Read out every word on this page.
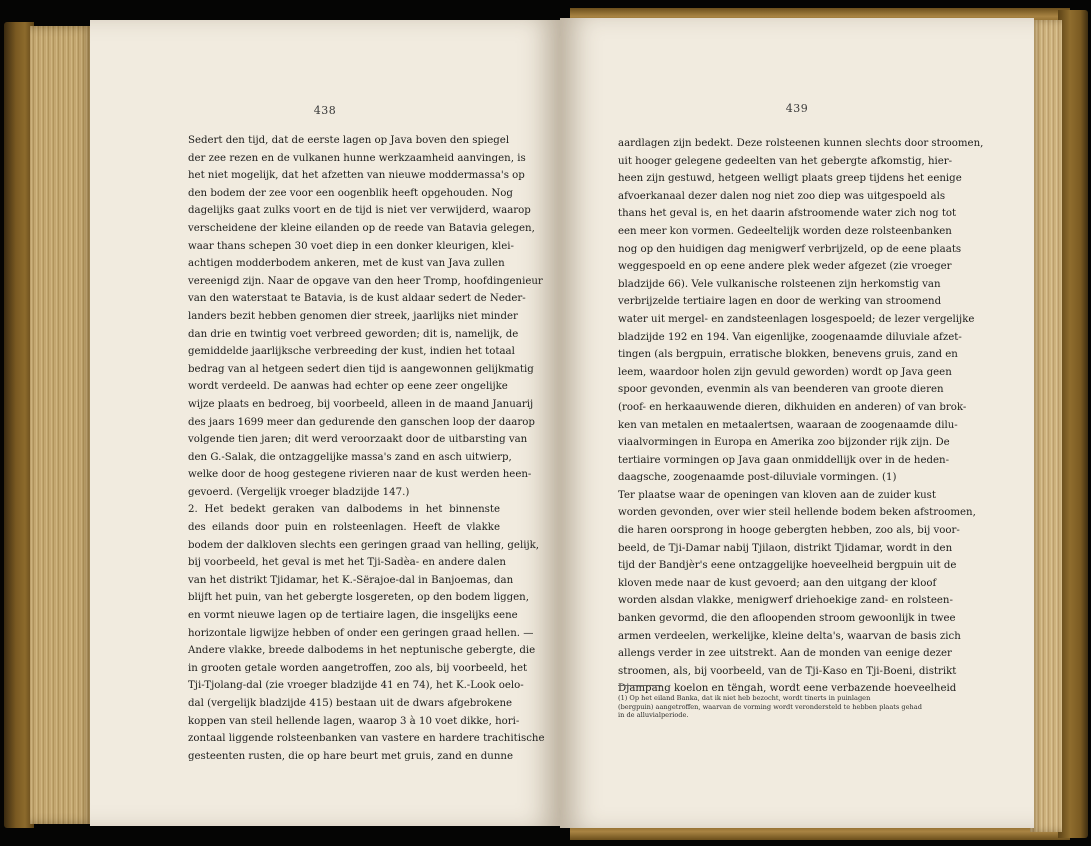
438
Sedert den tijd, dat de eerste lagen op Java boven den spiegel
der zee rezen en de vulkanen hunne werkzaamheid aanvingen, is
het niet mogelijk, dat het afzetten van nieuwe moddermassa's op
den bodem der zee voor een oogenblik heeft opgehouden. Nog
dagelijks gaat zulks voort en de tijd is niet ver verwijderd, waarop
verscheidene der kleine eilanden op de reede van Batavia gelegen,
waar thans schepen 30 voet diep in een donker kleurigen, klei-
achtigen modderbodem ankeren, met de kust van Java zullen
vereenigd zijn. Naar de opgave van den heer Tromp, hoofdingenieur
van den waterstaat te Batavia, is de kust aldaar sedert de Neder-
landers bezit hebben genomen dier streek, jaarlijks niet minder
dan drie en twintig voet verbreed geworden; dit is, namelijk, de
gemiddelde jaarlijksche verbreeding der kust, indien het totaal
bedrag van al hetgeen sedert dien tijd is aangewonnen gelijkmatig
wordt verdeeld. De aanwas had echter op eene zeer ongelijke
wijze plaats en bedroeg, bij voorbeeld, alleen in de maand Januarij
des jaars 1699 meer dan gedurende den ganschen loop der daarop
volgende tien jaren; dit werd veroorzaakt door de uitbarsting van
den G.-Salak, die ontzaggelijke massa's zand en asch uitwierp,
welke door de hoog gestegene rivieren naar de kust werden heen-
gevoerd. (Vergelijk vroeger bladzijde 147.)
2. Het bedekt geraken van dalbodems in het binnenste
des eilands door puin en rolsteenlagen. Heeft de vlakke
bodem der dalkloven slechts een geringen graad van helling, gelijk,
bij voorbeeld, het geval is met het Tji-Sadèa- en andere dalen
van het distrikt Tjidamar, het K.-Sërajoe-dal in Banjoemas, dan
blijft het puin, van het gebergte losgereten, op den bodem liggen,
en vormt nieuwe lagen op de tertiaire lagen, die insgelijks eene
horizontale ligwijze hebben of onder een geringen graad hellen. —
Andere vlakke, breede dalbodems in het neptunische gebergte, die
in grooten getale worden aangetroffen, zoo als, bij voorbeeld, het
Tji-Tjolang-dal (zie vroeger bladzijde 41 en 74), het K.-Look oelo-
dal (vergelijk bladzijde 415) bestaan uit de dwars afgebrokene
koppen van steil hellende lagen, waarop 3 à 10 voet dikke, hori-
zontaal liggende rolsteenbanken van vastere en hardere trachitische
gesteenten rusten, die op hare beurt met gruis, zand en dunne
439
aardlagen zijn bedekt. Deze rolsteenen kunnen slechts door stroomen,
uit hooger gelegene gedeelten van het gebergte afkomstig, hier-
heen zijn gestuwd, hetgeen welligt plaats greep tijdens het eenige
afvoerkanaal dezer dalen nog niet zoo diep was uitgespoeld als
thans het geval is, en het daarin afstroomende water zich nog tot
een meer kon vormen. Gedeeltelijk worden deze rolsteenbanken
nog op den huidigen dag menigwerf verbrijzeld, op de eene plaats
weggespoeld en op eene andere plek weder afgezet (zie vroeger
bladzijde 66). Vele vulkanische rolsteenen zijn herkomstig van
verbrijzelde tertiaire lagen en door de werking van stroomend
water uit mergel- en zandsteenlagen losgespoeld; de lezer vergelijke
bladzijde 192 en 194. Van eigenlijke, zoogenaamde diluviale afzet-
tingen (als bergpuin, erratische blokken, benevens gruis, zand en
leem, waardoor holen zijn gevuld geworden) wordt op Java geen
spoor gevonden, evenmin als van beenderen van groote dieren
(roof- en herkaauwende dieren, dikhuiden en anderen) of van brok-
ken van metalen en metaalertsen, waaraan de zoogenaamde dilu-
viaalvormingen in Europa en Amerika zoo bijzonder rijk zijn. De
tertiaire vormingen op Java gaan onmiddellijk over in de heden-
daagsche, zoogenaamde post-diluviale vormingen. (1)
Ter plaatse waar de openingen van kloven aan de zuider kust
worden gevonden, over wier steil hellende bodem beken afstroomen,
die haren oorsprong in hooge gebergten hebben, zoo als, bij voor-
beeld, de Tji-Damar nabij Tjilaon, distrikt Tjidamar, wordt in den
tijd der Bandjèr's eene ontzaggelijke hoeveelheid bergpuin uit de
kloven mede naar de kust gevoerd; aan den uitgang der kloof
worden alsdan vlakke, menigwerf driehoekige zand- en rolsteen-
banken gevormd, die den afloopenden stroom gewoonlijk in twee
armen verdeelen, werkelijke, kleine delta's, waarvan de basis zich
allengs verder in zee uitstrekt. Aan de monden van eenige dezer
stroomen, als, bij voorbeeld, van de Tji-Kaso en Tji-Boeni, distrikt
Djampang koelon en tëngah, wordt eene verbazende hoeveelheid
(1) Op het eiland Banka, dat ik niet heb bezocht, wordt tinerts in puinlagen
(bergpuin) aangetroffen, waarvan de vorming wordt verondersteld te hebben plaats gehad
in de alluvialperiode.
